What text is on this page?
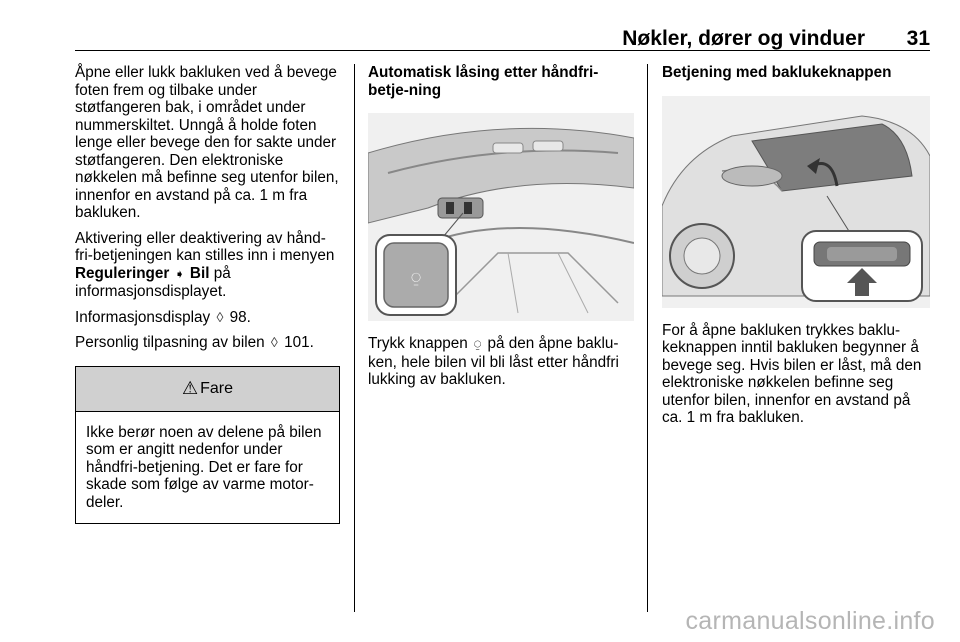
Nøkler, dører og vinduer 31

Åpne eller lukk bakluken ved å bevege foten frem og tilbake under støtfangeren bak, i området under nummerskiltet. Unngå å holde foten lenge eller bevege den for sakte under støtfangeren. Den elektroniske nøkkelen må befinne seg utenfor bilen, innenfor en avstand på ca. 1 m fra bakluken.

Aktivering eller deaktivering av hånd-fri-betjeningen kan stilles inn i menyen Reguleringer ➧ Bil på informasjonsdisplayet.

Informasjonsdisplay ◊ 98.

Personlig tilpasning av bilen ◊ 101.

⚠ Fare
Ikke berør noen av delene på bilen som er angitt nedenfor under håndfri-betjening. Det er fare for skade som følge av varme motor-deler.

Automatisk låsing etter håndfri-betje-ning

⍜

Trykk knappen ⍜ på den åpne baklu-ken, hele bilen vil bli låst etter håndfri lukking av bakluken.

Betjening med baklukeknappen

For å åpne bakluken trykkes baklu-keknappen inntil bakluken begynner å bevege seg. Hvis bilen er låst, må den elektroniske nøkkelen befinne seg utenfor bilen, innenfor en avstand på ca. 1 m fra bakluken.

carmanualsonline.info
